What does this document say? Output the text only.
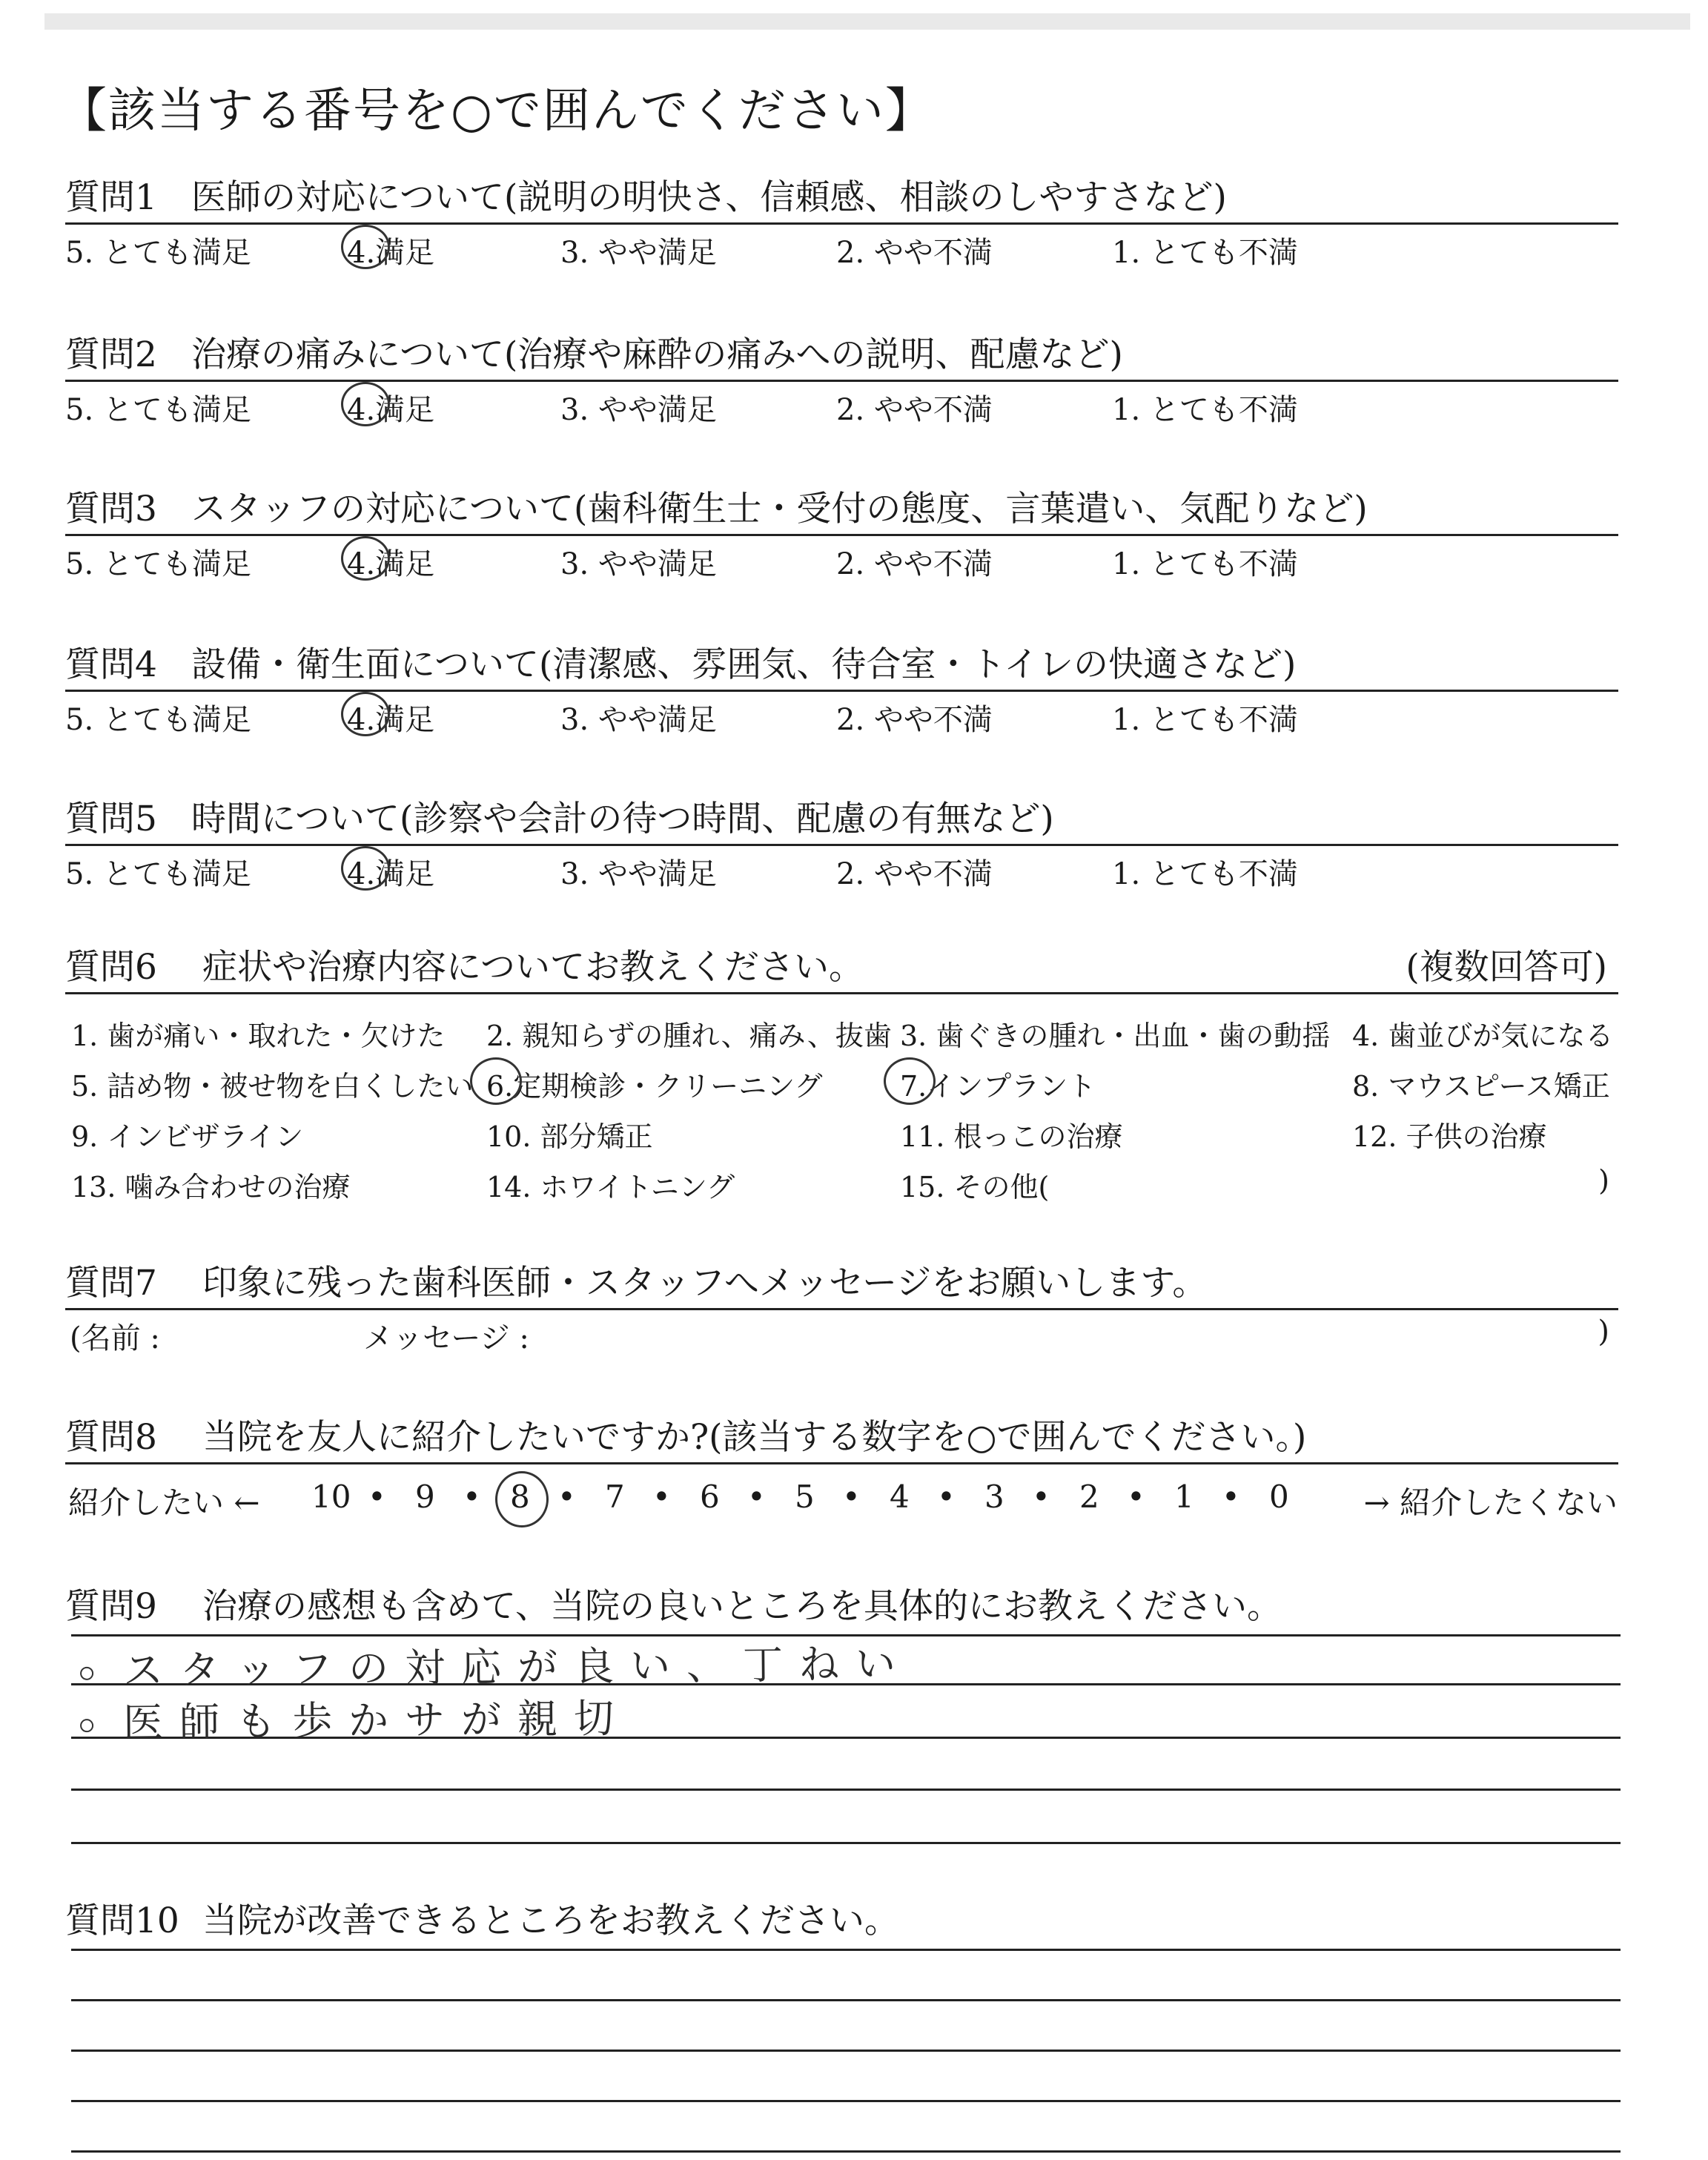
【該当する番号を○で囲んでください】
質問1 医師の対応について(説明の明快さ、信頼感、相談のしやすさなど)
5. とても満足	4.満足	3. やや満足	2. やや不満	1. とても不満
質問2 治療の痛みについて(治療や麻酔の痛みへの説明、配慮など)
5. とても満足	4.満足	3. やや満足	2. やや不満	1. とても不満
質問3 スタッフの対応について(歯科衛生士・受付の態度、言葉遣い、気配りなど)
5. とても満足	4.満足	3. やや満足	2. やや不満	1. とても不満
質問4 設備・衛生面について(清潔感、雰囲気、待合室・トイレの快適さなど)
5. とても満足	4.満足	3. やや満足	2. やや不満	1. とても不満
質問5 時間について(診察や会計の待つ時間、配慮の有無など)
5. とても満足	4.満足	3. やや満足	2. やや不満	1. とても不満
質問6 症状や治療内容についてお教えください。	(複数回答可)
1. 歯が痛い・取れた・欠けた 2. 親知らずの腫れ、痛み、抜歯 3. 歯ぐきの腫れ・出血・歯の動揺 4. 歯並びが気になる
5. 詰め物・被せ物を白くしたい 6.定期検診・クリーニング	7.インプラント	8. マウスピース矯正
9. インビザライン	10. 部分矯正	11. 根っこの治療	12. 子供の治療
13. 噛み合わせの治療	14. ホワイトニング	15. その他(	)
質問7 印象に残った歯科医師・スタッフへメッセージをお願いします。
(名前 :	メッセージ :	)
質問8 当院を友人に紹介したいですか?(該当する数字を○で囲んでください。)
紹介したい ←	→ 紹介したくない
10 • 9 • 8 • 7 • 6 • 5 • 4 • 3 • 2 • 1 • 0
質問9 治療の感想も含めて、当院の良いところを具体的にお教えください。
スタッフの対応が良い、丁ねい
医師も歩かサが親切
質問10 当院が改善できるところをお教えください。
